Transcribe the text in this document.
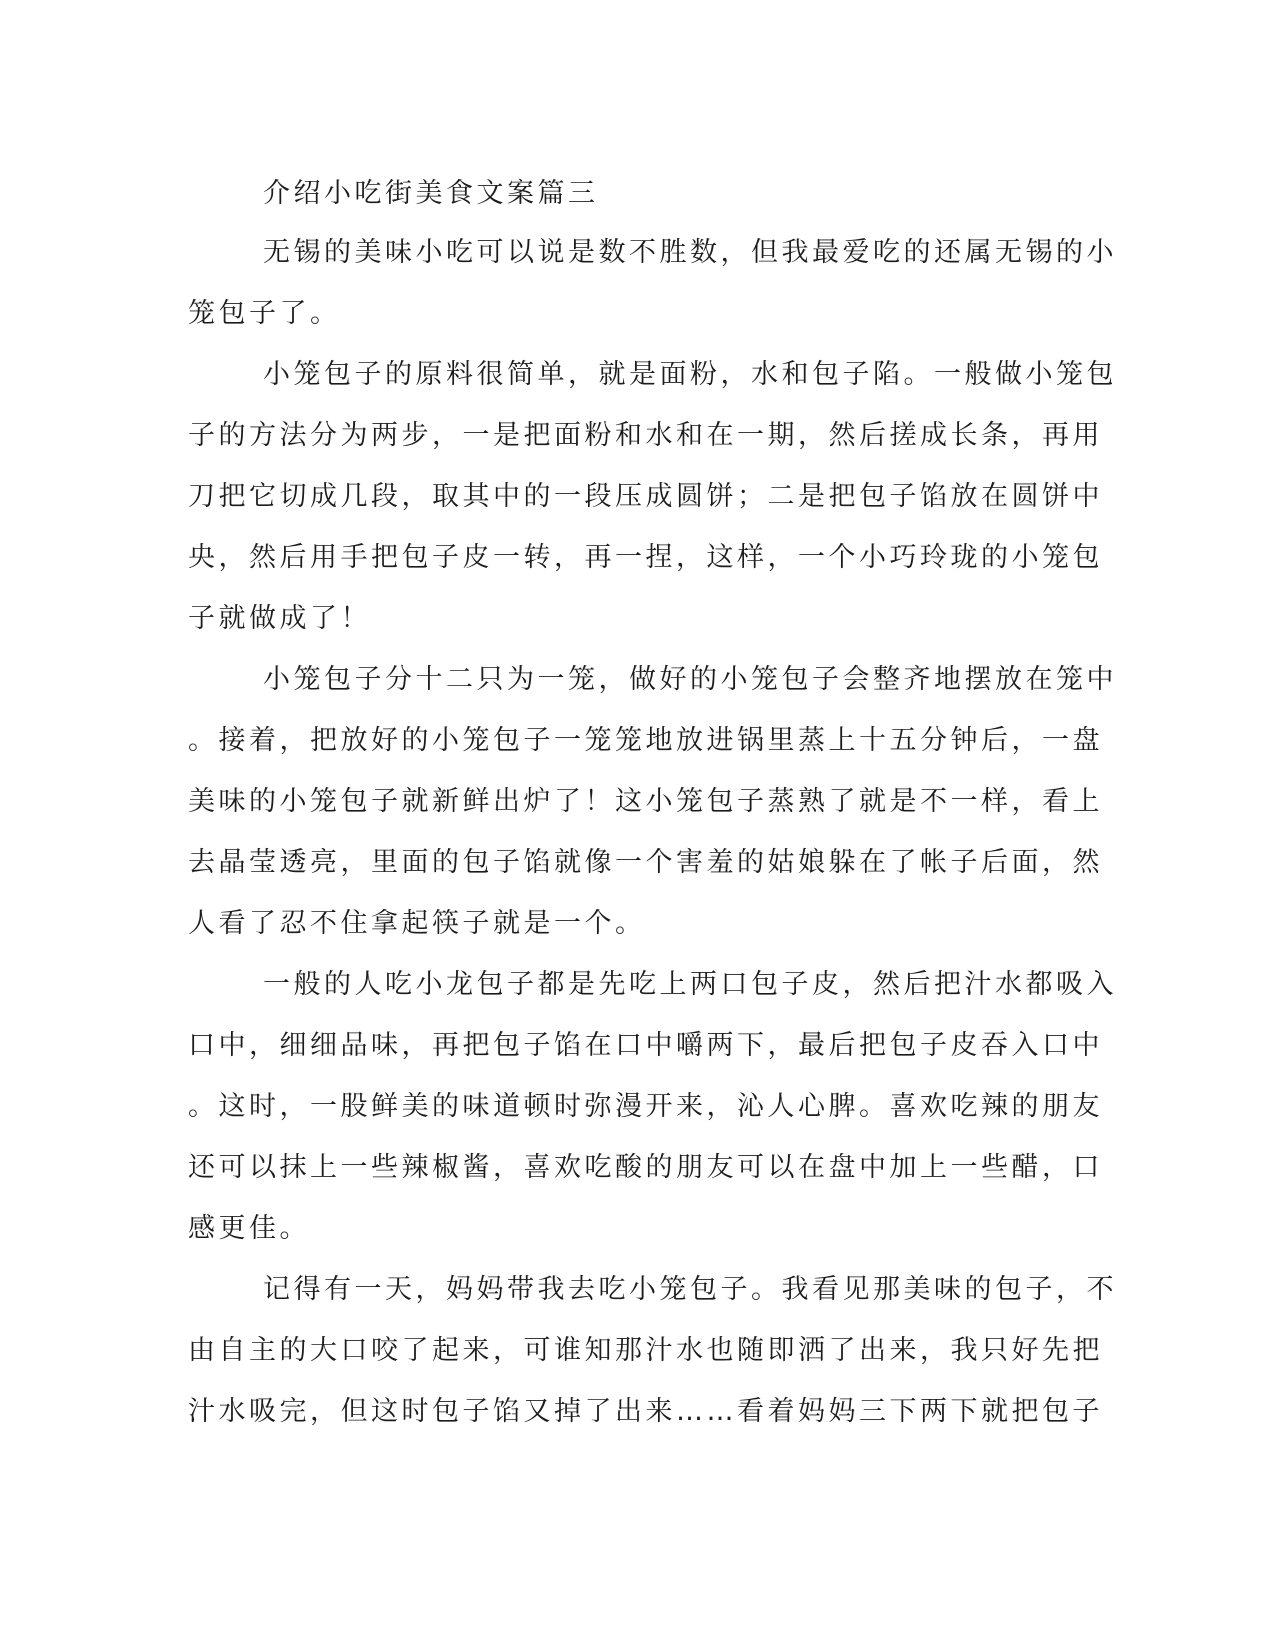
介绍小吃街美食文案篇三

无锡的美味小吃可以说是数不胜数，但我最爱吃的还属无锡的小

笼包子了。

小笼包子的原料很简单，就是面粉，水和包子陷。一般做小笼包

子的方法分为两步，一是把面粉和水和在一期，然后搓成长条，再用

刀把它切成几段，取其中的一段压成圆饼；二是把包子馅放在圆饼中

央，然后用手把包子皮一转，再一捏，这样，一个小巧玲珑的小笼包

子就做成了！

小笼包子分十二只为一笼，做好的小笼包子会整齐地摆放在笼中

。接着，把放好的小笼包子一笼笼地放进锅里蒸上十五分钟后，一盘

美味的小笼包子就新鲜出炉了！这小笼包子蒸熟了就是不一样，看上

去晶莹透亮，里面的包子馅就像一个害羞的姑娘躲在了帐子后面，然

人看了忍不住拿起筷子就是一个。

一般的人吃小龙包子都是先吃上两口包子皮，然后把汁水都吸入

口中，细细品味，再把包子馅在口中嚼两下，最后把包子皮吞入口中

。这时，一股鲜美的味道顿时弥漫开来，沁人心脾。喜欢吃辣的朋友

还可以抹上一些辣椒酱，喜欢吃酸的朋友可以在盘中加上一些醋，口

感更佳。

记得有一天，妈妈带我去吃小笼包子。我看见那美味的包子，不

由自主的大口咬了起来，可谁知那汁水也随即洒了出来，我只好先把

汁水吸完，但这时包子馅又掉了出来……看着妈妈三下两下就把包子
